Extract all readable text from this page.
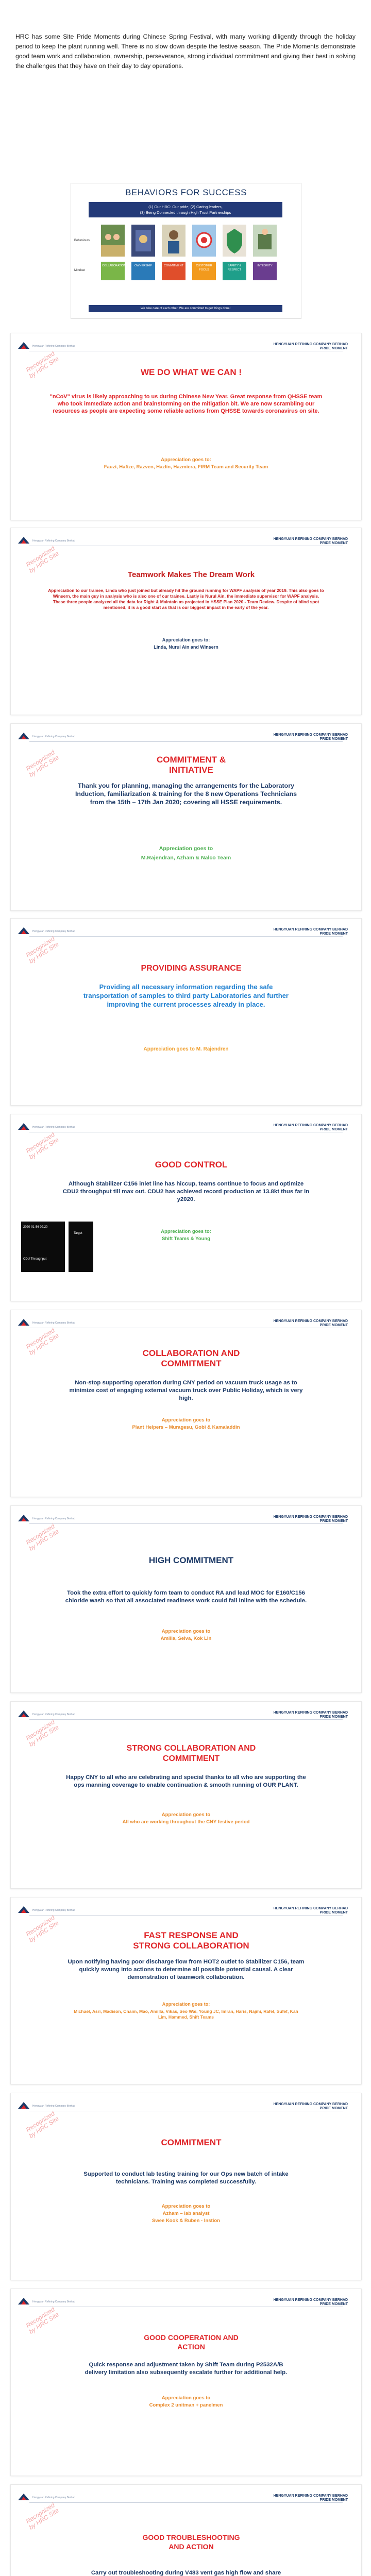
HRC has some Site Pride Moments during Chinese Spring Festival, with many working diligently through the holiday period to keep the plant running well. There is no slow down despite the festive season. The Pride Moments demonstrate good team work and collaboration, ownership, perseverance, strong individual commitment and giving their best in solving the challenges that they have on their day to day operations.
BEHAVIORS FOR SUCCESS
(1) Our HRC: Our pride, (2) Caring leaders,
(3) Being Connected through High Trust Partnerships
Behaviours
Mindset
COLLABORATION	OWNERSHIP	COMMITMENT	CUSTOMER FOCUS
SAFETY & RESPECT
INTEGRITY
We take care of each other. We are committed to get things done!
Hengyuan Refining Company Berhad	HENGYUAN REFINING COMPANY BERHAD
PRIDE MOMENT
Recognized by HRC Site	WE DO WHAT WE CAN !
"nCoV" virus is likely approaching to us during Chinese New Year. Great response from QHSSE team who took immediate action and brainstorming on the mitigation bit. We are now scrambling our resources as people are expecting some reliable actions from QHSSE towards coronavirus on site.
Appreciation goes to:
Fauzi, Hafize, Razven, Hazlin, Hazmiera, FIRM Team and Security Team
Hengyuan Refining Company Berhad	HENGYUAN REFINING COMPANY BERHAD
PRIDE MOMENT
Recognized by HRC Site
Teamwork Makes The Dream Work
Appreciation to our trainee, Linda who just joined but already hit the ground running for WAPF analysis of year 2019. This also goes to Winsern, the main guy in analysis who is also one of our trainee. Lastly is Nurul Ain, the immediate supervisor for WAPF analysis. These three people analyzed all the data for Right & Maintain as projected in HSSE Plan 2020 - Team Review. Despite of blind spot mentioned, it is a good start as that is our biggest impact in the early of the year.
Appreciation goes to:
Linda, Nurul Ain and Winsern
Hengyuan Refining Company Berhad	HENGYUAN REFINING COMPANY BERHAD
PRIDE MOMENT
Recognized by HRC Site	COMMITMENT &
INITIATIVE
Thank you for planning, managing the arrangements for the Laboratory Induction, familiarization & training for the 8 new Operations Technicians from the 15th – 17th Jan 2020; covering all HSSE requirements.
Appreciation goes to
M.Rajendran, Azham & Nalco Team
Hengyuan Refining Company Berhad	HENGYUAN REFINING COMPANY BERHAD
PRIDE MOMENT
Recognized by HRC Site
PROVIDING ASSURANCE
Providing all necessary information regarding the safe transportation of samples to third party Laboratories and further improving the current processes already in place.
Appreciation goes to M. Rajendren
Hengyuan Refining Company Berhad	HENGYUAN REFINING COMPANY BERHAD
PRIDE MOMENT
Recognized by HRC Site
GOOD CONTROL
Although Stabilizer C156 inlet line has hiccup, teams continue to focus and optimize CDU2 throughput till max out. CDU2 has achieved record production at 13.8kt thus far in y2020.
2020-01-56 02:20
CDU Throughput
Target	Appreciation goes to:
Shift Teams & Young
Hengyuan Refining Company Berhad	HENGYUAN REFINING COMPANY BERHAD
PRIDE MOMENT
Recognized by HRC Site	COLLABORATION AND
COMMITMENT
Non-stop supporting operation during CNY period on vacuum truck usage as to minimize cost of engaging external vacuum truck over Public Holiday, which is very high.
Appreciation goes to
Plant Helpers – Muragesu, Gobi & Kamaladdin
Hengyuan Refining Company Berhad	HENGYUAN REFINING COMPANY BERHAD
PRIDE MOMENT
Recognized by HRC Site
HIGH COMMITMENT
Took the extra effort to quickly form team to conduct RA and lead MOC for E160/C156 chloride wash so that all associated readiness work could fall inline with the schedule.
Appreciation goes to
Amilla, Selva, Kok Lin
Hengyuan Refining Company Berhad	HENGYUAN REFINING COMPANY BERHAD
PRIDE MOMENT
Recognized by HRC Site
STRONG COLLABORATION AND
COMMITMENT
Happy CNY to all who are celebrating and special thanks to all who are supporting the ops manning coverage to enable continuation & smooth running of OUR PLANT.
Appreciation goes to
All who are working throughout the CNY festive period
Hengyuan Refining Company Berhad	HENGYUAN REFINING COMPANY BERHAD
PRIDE MOMENT
Recognized by HRC Site	FAST RESPONSE AND
STRONG COLLABORATION
Upon notifying having poor discharge flow from HOT2 outlet to Stabilizer C156, team quickly swung into actions to determine all possible potential causal. A clear demonstration of teamwork collaboration.
Appreciation goes to:
Michael, Asri, Madison, Chaim, Mao, Amilla, Vikas, Seo Wai, Young JC, Imran, Haris, Najmi, Rafel, Sufef, Kah Lim, Hammed, Shift Teams
Hengyuan Refining Company Berhad	HENGYUAN REFINING COMPANY BERHAD
PRIDE MOMENT
Recognized by HRC Site
COMMITMENT
Supported to conduct lab testing training for our Ops new batch of intake technicians. Training was completed successfully.
Appreciation goes to
Azham – lab analyst
Swee Kook & Ruben - Instion
Hengyuan Refining Company Berhad	HENGYUAN REFINING COMPANY BERHAD
PRIDE MOMENT
Recognized by HRC Site
GOOD COOPERATION AND
ACTION
Quick response and adjustment taken by Shift Team during P2532A/B delivery limitation also subsequently escalate further for additional help.
Appreciation goes to
Complex 2 unitman + panelmen
Hengyuan Refining Company Berhad	HENGYUAN REFINING COMPANY BERHAD
PRIDE MOMENT
Recognized by HRC Site
GOOD TROUBLESHOOTING
AND ACTION
Carry out troubleshooting during V483 vent gas high flow and share
